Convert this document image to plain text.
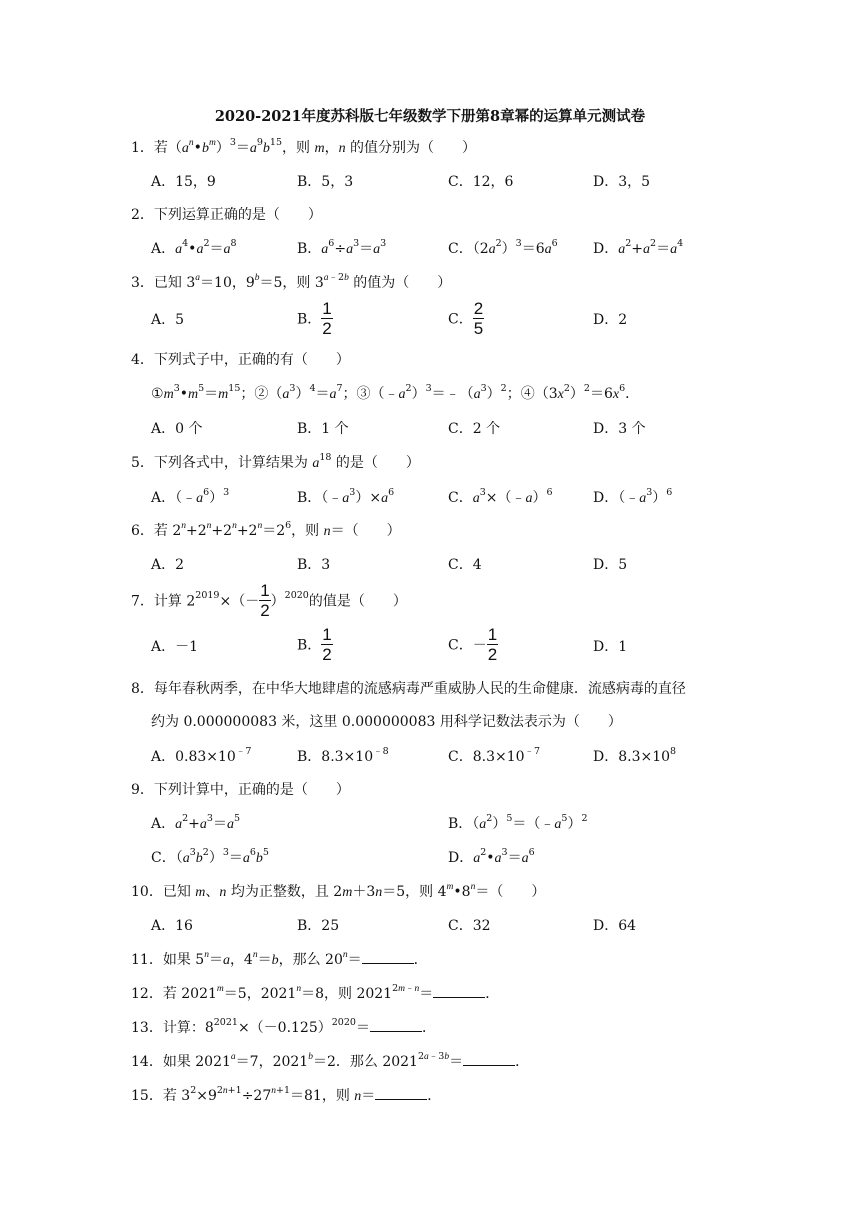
2020-2021年度苏科版七年级数学下册第8章幂的运算单元测试卷
1．若$(a^n•b^m)^3=a^9b^{15}$，则 m，n 的值分别为（　　）
A．15，9	B．5，3	C．12，6	D．3，5
2．下列运算正确的是（　　）
A．$a^4•a^2=a^8$	B．$a^6\div a^3=a^3$	C．$(2a^2)^3=6a^6$	D．$a^2+a^2=a^4$
3．已知 $3^a=10$，$9^b=5$，则 $3^{a﹣2b}$ 的值为（　　）
A．5	B． $\frac{1}{2}$	C． $\frac{2}{5}$	D．2
4．下列式子中，正确的有（　　）
$①m^3•m^5=m^{15}$；$②(a^3)^4=a^7$；$③(﹣a^2)^3=﹣(a^3)^2$；$④(3x^2)^2=6x^6$．
A．0 个	B．1 个	C．2 个	D．3 个
5．下列各式中，计算结果为 $a^{18}$ 的是（　　）
A．$(﹣a^6)^3$	B．$(﹣a^3)\times a^6$	C．$a^3\times(﹣a)^6$	D．$(﹣a^3)^6$
6．若 $2^n+2^n+2^n+2^n=2^6$，则 n＝（　　）
A．2	B．3	C．4	D．5
7．计算 $2^{2019}\times(- \frac{1}{2} )^{2020}$的值是（　　）
A．－1	B． $\frac{1}{2}$	C．－ $\frac{1}{2}$	D．1
8．每年春秋两季，在中华大地肆虐的流感病毒严重威胁人民的生命健康．流感病毒的直径
约为 0.000000083 米，这里 0.000000083 用科学记数法表示为（　　）
A．$0.83\times 10^{﹣7}$	B．$8.3\times 10^{﹣8}$	C．$8.3\times 10^{﹣7}$	D．$8.3\times 10^8$
9．下列计算中，正确的是（　　）
A．$a^2+a^3=a^5$	B．$(a^2)^5=(﹣a^5)^2$
C．$(a^3b^2)^3=a^6b^5$	D．$a^2•a^3=a^6$
10．已知 m、n 均为正整数，且 2m＋3n＝5，则 $4^m•8^n=$（　　）
A．16	B．25	C．32	D．64
11．如果 $5^n=a$，$4^n=b$，那么 $20^n=$	．
12．若 $2021^m=5$，$2021^n=8$，则 $2021^{2m﹣n}=$	．
13．计算：$8^{2021}\times(-0.125)^{2020}=$	．
14．如果 $2021^a=7$，$2021^b=2$．那么 $2021^{2a﹣3b}=$	．
15．若 $3^2\times 9^{2n+1}\div 27^{n+1}=81$，则 n＝	．
